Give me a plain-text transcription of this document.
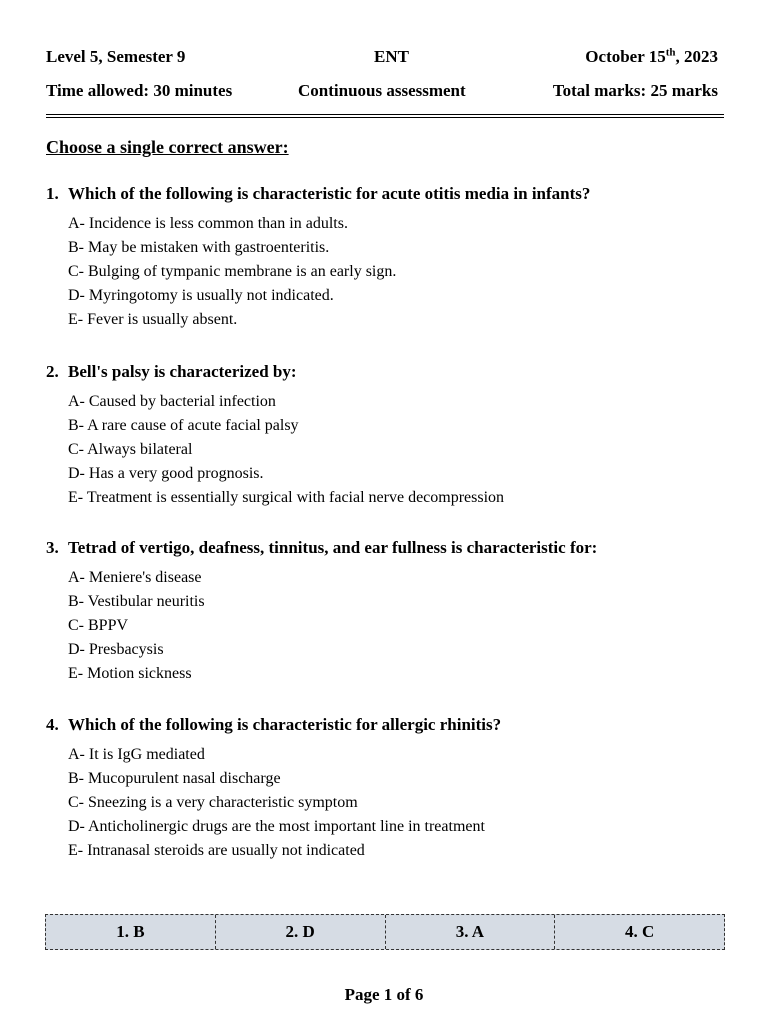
Level 5, Semester 9	ENT	October 15th, 2023
Time allowed: 30 minutes	Continuous assessment	Total marks: 25 marks
Choose a single correct answer:
1. Which of the following is characteristic for acute otitis media in infants?
A- Incidence is less common than in adults.
B- May be mistaken with gastroenteritis.
C- Bulging of tympanic membrane is an early sign.
D- Myringotomy is usually not indicated.
E- Fever is usually absent.
2. Bell's palsy is characterized by:
A- Caused by bacterial infection
B- A rare cause of acute facial palsy
C- Always bilateral
D- Has a very good prognosis.
E- Treatment is essentially surgical with facial nerve decompression
3. Tetrad of vertigo, deafness, tinnitus, and ear fullness is characteristic for:
A- Meniere's disease
B- Vestibular neuritis
C- BPPV
D- Presbacysis
E- Motion sickness
4. Which of the following is characteristic for allergic rhinitis?
A- It is IgG mediated
B- Mucopurulent nasal discharge
C- Sneezing is a very characteristic symptom
D- Anticholinergic drugs are the most important line in treatment
E- Intranasal steroids are usually not indicated
1. B	2. D	3. A	4. C
Page 1 of 6
